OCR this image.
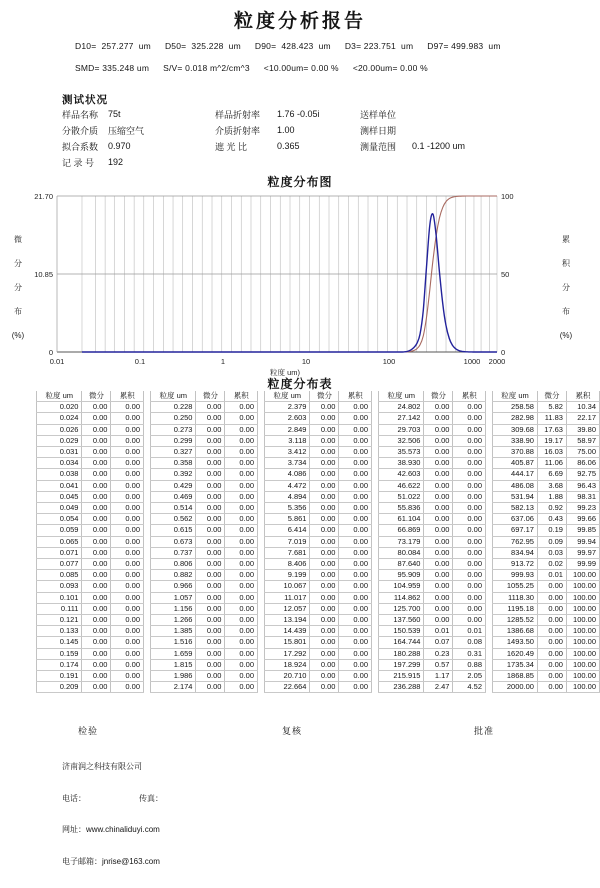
粒度分析报告
D10=  257.277  um D50=  325.228  um D90=  428.423  um D3= 223.751  um D97= 499.983  um
SMD= 335.248 um S/V= 0.018 m^2/cm^3 <10.00um= 0.00 % <20.00um= 0.00 %
测试状况
样品名称	75t
分散介质	压缩空气
拟合系数	0.970
记 录 号	192
样品折射率	1.76 -0.05i
介质折射率	1.00
遮 光 比	0.365
送样单位
测样日期
测量范围	0.1 -1200 um
粒度分布图
21.70
10.85
0
100
50
0
0.01	0.1	1	10	100	1000 2000
粒度 um)
微
分
分
布
(%)
累
积
分
布
(%)
粒度分布表
粒度 um	微分	累积
0.020	0.00	0.00
0.024	0.00	0.00
0.026	0.00	0.00
0.029	0.00	0.00
0.031	0.00	0.00
0.034	0.00	0.00
0.038	0.00	0.00
0.041	0.00	0.00
0.045	0.00	0.00
0.049	0.00	0.00
0.054	0.00	0.00
0.059	0.00	0.00
0.065	0.00	0.00
0.071	0.00	0.00
0.077	0.00	0.00
0.085	0.00	0.00
0.093	0.00	0.00
0.101	0.00	0.00
0.111	0.00	0.00
0.121	0.00	0.00
0.133	0.00	0.00
0.145	0.00	0.00
0.159	0.00	0.00
0.174	0.00	0.00
0.191	0.00	0.00
0.209	0.00	0.00
粒度 um	微分	累积
0.228	0.00	0.00
0.250	0.00	0.00
0.273	0.00	0.00
0.299	0.00	0.00
0.327	0.00	0.00
0.358	0.00	0.00
0.392	0.00	0.00
0.429	0.00	0.00
0.469	0.00	0.00
0.514	0.00	0.00
0.562	0.00	0.00
0.615	0.00	0.00
0.673	0.00	0.00
0.737	0.00	0.00
0.806	0.00	0.00
0.882	0.00	0.00
0.966	0.00	0.00
1.057	0.00	0.00
1.156	0.00	0.00
1.266	0.00	0.00
1.385	0.00	0.00
1.516	0.00	0.00
1.659	0.00	0.00
1.815	0.00	0.00
1.986	0.00	0.00
2.174	0.00	0.00
粒度 um	微分	累积
2.379	0.00	0.00
2.603	0.00	0.00
2.849	0.00	0.00
3.118	0.00	0.00
3.412	0.00	0.00
3.734	0.00	0.00
4.086	0.00	0.00
4.472	0.00	0.00
4.894	0.00	0.00
5.356	0.00	0.00
5.861	0.00	0.00
6.414	0.00	0.00
7.019	0.00	0.00
7.681	0.00	0.00
8.406	0.00	0.00
9.199	0.00	0.00
10.067	0.00	0.00
11.017	0.00	0.00
12.057	0.00	0.00
13.194	0.00	0.00
14.439	0.00	0.00
15.801	0.00	0.00
17.292	0.00	0.00
18.924	0.00	0.00
20.710	0.00	0.00
22.664	0.00	0.00
粒度 um	微分	累积
24.802	0.00	0.00
27.142	0.00	0.00
29.703	0.00	0.00
32.506	0.00	0.00
35.573	0.00	0.00
38.930	0.00	0.00
42.603	0.00	0.00
46.622	0.00	0.00
51.022	0.00	0.00
55.836	0.00	0.00
61.104	0.00	0.00
66.869	0.00	0.00
73.179	0.00	0.00
80.084	0.00	0.00
87.640	0.00	0.00
95.909	0.00	0.00
104.959	0.00	0.00
114.862	0.00	0.00
125.700	0.00	0.00
137.560	0.00	0.00
150.539	0.01	0.01
164.744	0.07	0.08
180.288	0.23	0.31
197.299	0.57	0.88
215.915	1.17	2.05
236.288	2.47	4.52
粒度 um	微分	累积
258.58	5.82	10.34
282.98	11.83	22.17
309.68	17.63	39.80
338.90	19.17	58.97
370.88	16.03	75.00
405.87	11.06	86.06
444.17	6.69	92.75
486.08	3.68	96.43
531.94	1.88	98.31
582.13	0.92	99.23
637.06	0.43	99.66
697.17	0.19	99.85
762.95	0.09	99.94
834.94	0.03	99.97
913.72	0.02	99.99
999.93	0.01	100.00
1055.25	0.00	100.00
1118.30	0.00	100.00
1195.18	0.00	100.00
1285.52	0.00	100.00
1386.68	0.00	100.00
1493.50	0.00	100.00
1620.49	0.00	100.00
1735.34	0.00	100.00
1868.85	0.00	100.00
2000.00	0.00	100.00
检验	复核	批准

济南润之科技有限公司

电话：	传真：

网址：www.chinaliduyi.com

电子邮箱：jnrise@163.com
